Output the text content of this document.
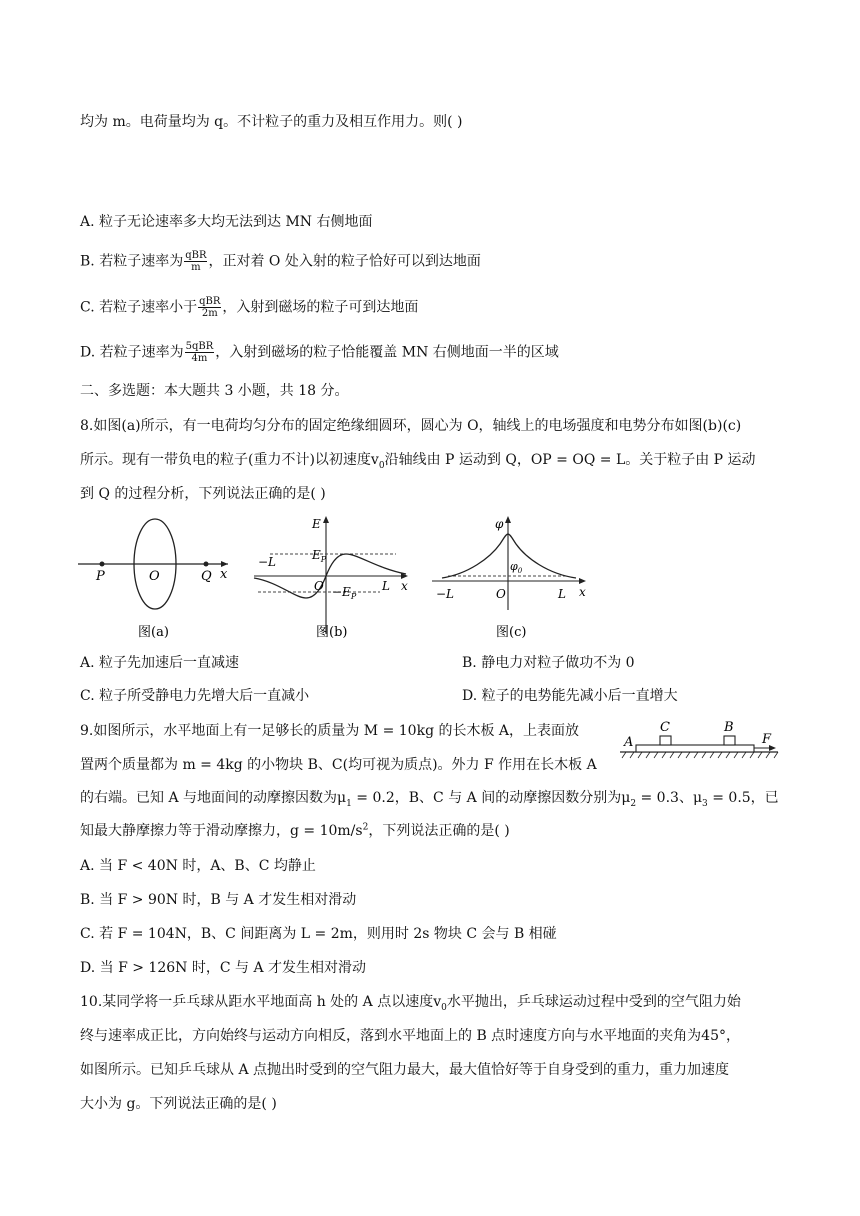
均为 m。电荷量均为 q。不计粒子的重力及相互作用力。则( )
A. 粒子无论速率多大均无法到达 MN 右侧地面
B. 若粒子速率为 $\frac{\text{qBR}}{m}$ ，正对着 O 处入射的粒子恰好可以到达地面
C. 若粒子速率小于 $\frac{\text{qBR}}{2m}$ ，入射到磁场的粒子可到达地面
D. 若粒子速率为 $\frac{\text{5qBR}}{4m}$ ，入射到磁场的粒子恰能覆盖 MN 右侧地面一半的区域
二、多选题：本大题共 3 小题，共 18 分。
8.如图(a)所示，有一电荷均匀分布的固定绝缘细圆环，圆心为 O，轴线上的电场强度和电势分布如图(b)(c)
所示。现有一带负电的粒子(重力不计)以初速度$v_0$沿轴线由 P 运动到 Q，OP = OQ = L。关于粒子由 P 运动
到 Q 的过程分析，下列说法正确的是( )
P	O	Q x
图(a)
E
$E_P$
$-E_P$
−L
O	L x
图(b)
φ
$\varphi_0$
−L	O	L x
图(c)
A. 粒子先加速后一直减速	B. 静电力对粒子做功不为 0
C. 粒子所受静电力先增大后一直减小	D. 粒子的电势能先减小后一直增大
9.如图所示，水平地面上有一足够长的质量为 M = 10kg 的长木板 A，上表面放
置两个质量都为 m = 4kg 的小物块 B、C(均可视为质点)。外力 F 作用在长木板 A
的右端。已知 A 与地面间的动摩擦因数为$\mu_1 = 0.2$，B、C 与 A 间的动摩擦因数分别为$\mu_2 = 0.3$、$\mu_3 = 0.5$，已
知最大静摩擦力等于滑动摩擦力，$g = 10m/s^2$，下列说法正确的是( )
A
C	B
F
A. 当 F < 40N 时，A、B、C 均静止
B. 当 F > 90N 时，B 与 A 才发生相对滑动
C. 若 F = 104N，B、C 间距离为 L = 2m，则用时 2s 物块 C 会与 B 相碰
D. 当 F > 126N 时，C 与 A 才发生相对滑动
10.某同学将一乒乓球从距水平地面高 h 处的 A 点以速度$v_0$水平抛出，乒乓球运动过程中受到的空气阻力始
终与速率成正比，方向始终与运动方向相反，落到水平地面上的 B 点时速度方向与水平地面的夹角为45°，
如图所示。已知乒乓球从 A 点抛出时受到的空气阻力最大，最大值恰好等于自身受到的重力，重力加速度
大小为 g。下列说法正确的是( )
